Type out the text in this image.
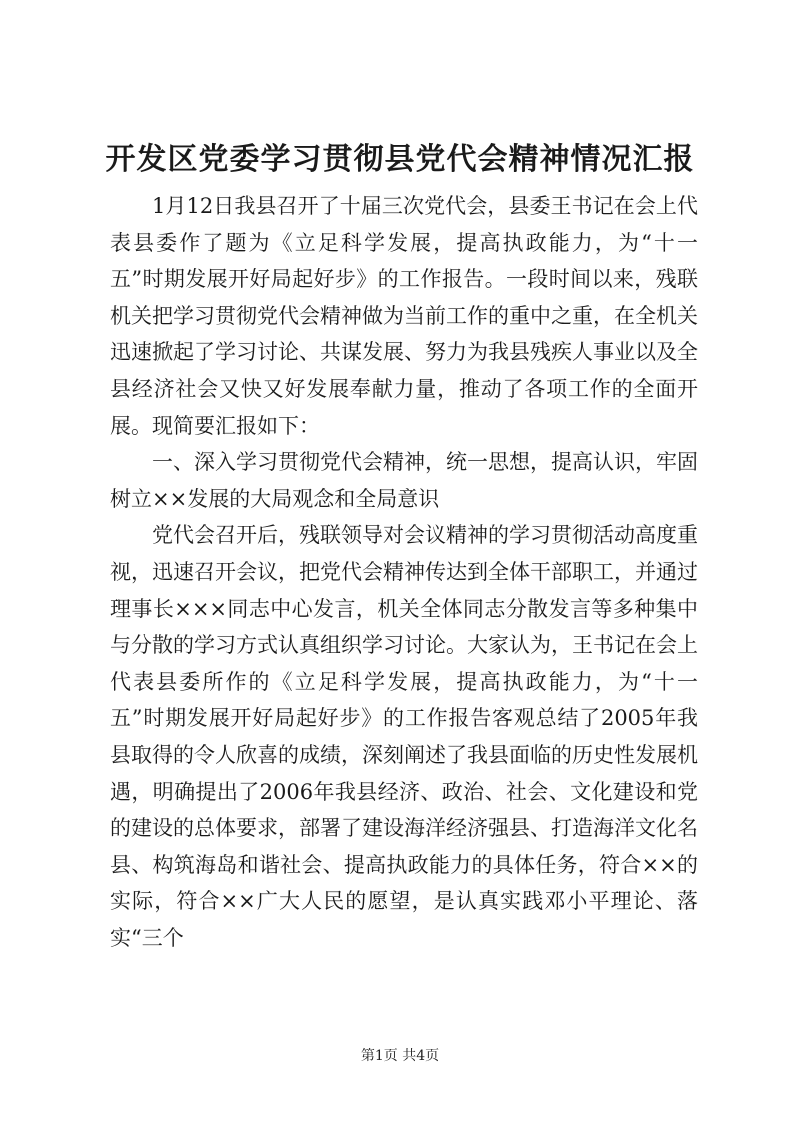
开发区党委学习贯彻县党代会精神情况汇报

1月12日我县召开了十届三次党代会，县委王书记在会上代表县委作了题为《立足科学发展，提高执政能力，为“十一五”时期发展开好局起好步》的工作报告。一段时间以来，残联机关把学习贯彻党代会精神做为当前工作的重中之重，在全机关迅速掀起了学习讨论、共谋发展、努力为我县残疾人事业以及全县经济社会又快又好发展奉献力量，推动了各项工作的全面开展。现简要汇报如下：

一、深入学习贯彻党代会精神，统一思想，提高认识，牢固树立××发展的大局观念和全局意识

党代会召开后，残联领导对会议精神的学习贯彻活动高度重视，迅速召开会议，把党代会精神传达到全体干部职工，并通过理事长×××同志中心发言，机关全体同志分散发言等多种集中与分散的学习方式认真组织学习讨论。大家认为，王书记在会上代表县委所作的《立足科学发展，提高执政能力，为“十一五”时期发展开好局起好步》的工作报告客观总结了2005年我县取得的令人欣喜的成绩，深刻阐述了我县面临的历史性发展机遇，明确提出了2006年我县经济、政治、社会、文化建设和党的建设的总体要求，部署了建设海洋经济强县、打造海洋文化名县、构筑海岛和谐社会、提高执政能力的具体任务，符合××的实际，符合××广大人民的愿望，是认真实践邓小平理论、落实“三个

第1页 共4页
